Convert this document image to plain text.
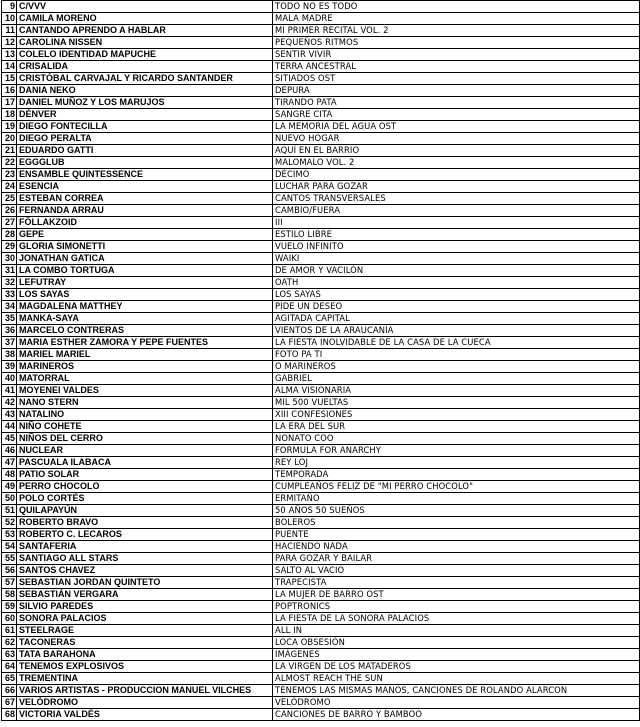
9	C/VVV	TODO NO ES TODO
10	CAMILA MORENO	MALA MADRE
11	CANTANDO APRENDO A HABLAR	MI PRIMER RECITAL VOL. 2
12	CAROLINA NISSEN	PEQUEÑOS RITMOS
13	COLELO IDENTIDAD MAPUCHE	SENTIR VIVIR
14	CRISALIDA	TERRA ANCESTRAL
15	CRISTÓBAL CARVAJAL Y RICARDO SANTANDER	SITIADOS OST
16	DANIA NEKO	DEPURA
17	DANIEL MUÑOZ Y LOS MARUJOS	TIRANDO PATA
18	DÉNVER	SANGRE CITA
19	DIEGO FONTECILLA	LA MEMORIA DEL AGUA OST
20	DIEGO PERALTA	NUEVO HOGAR
21	EDUARDO GATTI	AQUÍ EN EL BARRIO
22	EGGGLUB	MALOMALO VOL. 2
23	ENSAMBLE QUINTESSENCE	DÉCIMO
24	ESENCIA	LUCHAR PARA GOZAR
25	ESTEBAN CORREA	CANTOS TRANSVERSALES
26	FERNANDA ARRAU	CAMBIO/FUERA
27	FÖLLAKZOID	III
28	GEPE	ESTILO LIBRE
29	GLORIA SIMONETTI	VUELO INFINITO
30	JONATHAN GATICA	WAIKI
31	LA COMBO TORTUGA	DE AMOR Y VACILÓN
32	LEFUTRAY	OATH
33	LOS SAYAS	LOS SAYAS
34	MAGDALENA MATTHEY	PIDE UN DESEO
35	MANKA-SAYA	AGITADA CAPITAL
36	MARCELO CONTRERAS	VIENTOS DE LA ARAUCANÍA
37	MARIA ESTHER ZAMORA Y PEPE FUENTES	LA FIESTA INOLVIDABLE DE LA CASA DE LA CUECA
38	MARIEL MARIEL	FOTO PA TI
39	MARINEROS	O MARINEROS
40	MATORRAL	GABRIEL
41	MOYENEI VALDES	ALMA VISIONARIA
42	NANO STERN	MIL 500 VUELTAS
43	NATALINO	XIII CONFESIONES
44	NIÑO COHETE	LA ERA DEL SUR
45	NIÑOS DEL CERRO	NONATO COO
46	NUCLEAR	FORMULA FOR ANARCHY
47	PASCUALA ILABACA	REY LOJ
48	PATIO SOLAR	TEMPORADA
49	PERRO CHOCOLO	CUMPLEAÑOS FELIZ DE "MI PERRO CHOCOLO"
50	POLO CORTÉS	ERMITAÑO
51	QUILAPAYÚN	50 AÑOS 50 SUEÑOS
52	ROBERTO BRAVO	BOLEROS
53	ROBERTO C. LECAROS	PUENTE
54	SANTAFERIA	HACIENDO NADA
55	SANTIAGO ALL STARS	PARA GOZAR Y BAILAR
56	SANTOS CHAVEZ	SALTO AL VACIO
57	SEBASTIAN JORDAN QUINTETO	TRAPECISTA
58	SEBASTIÁN VERGARA	LA MUJER DE BARRO OST
59	SILVIO PAREDES	POPTRONICS
60	SONORA PALACIOS	LA FIESTA DE LA SONORA PALACIOS
61	STEELRAGE	ALL IN
62	TACONERAS	LOCA OBSESIÓN
63	TATA BARAHONA	IMÁGENES
64	TENEMOS EXPLOSIVOS	LA VIRGEN DE LOS MATADEROS
65	TREMENTINA	ALMOST REACH THE SUN
66	VARIOS ARTISTAS - PRODUCCION MANUEL VILCHES	TENEMOS LAS MISMAS MANOS, CANCIONES DE ROLANDO ALARCON
67	VELÓDROMO	VELÓDROMO
68	VICTORIA VALDÉS	CANCIONES DE BARRO Y BAMBOO
